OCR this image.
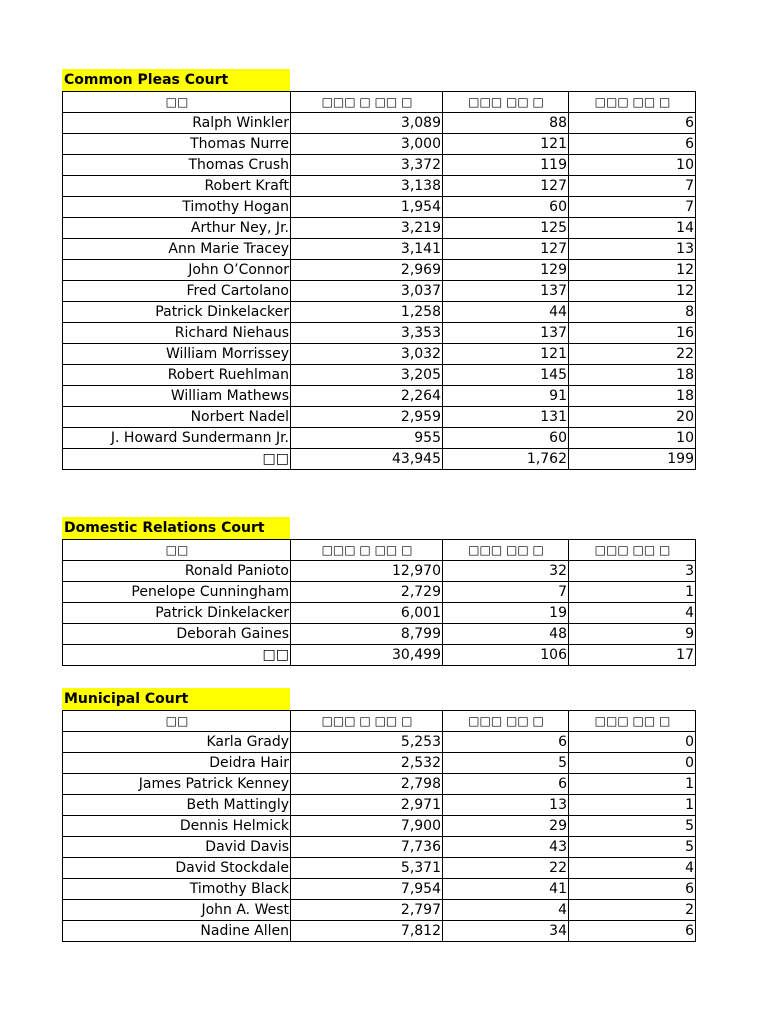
Common Pleas Court
□□	□□□ □ □□ □	□□□ □□ □	□□□ □□ □
Ralph Winkler	3,089	88	6
Thomas Nurre	3,000	121	6
Thomas Crush	3,372	119	10
Robert Kraft	3,138	127	7
Timothy Hogan	1,954	60	7
Arthur Ney, Jr.	3,219	125	14
Ann Marie Tracey	3,141	127	13
John O’Connor	2,969	129	12
Fred Cartolano	3,037	137	12
Patrick Dinkelacker	1,258	44	8
Richard Niehaus	3,353	137	16
William Morrissey	3,032	121	22
Robert Ruehlman	3,205	145	18
William Mathews	2,264	91	18
Norbert Nadel	2,959	131	20
J. Howard Sundermann Jr.	955	60	10
□□	43,945	1,762	199
Domestic Relations Court
□□	□□□ □ □□ □	□□□ □□ □	□□□ □□ □
Ronald Panioto	12,970	32	3
Penelope Cunningham	2,729	7	1
Patrick Dinkelacker	6,001	19	4
Deborah Gaines	8,799	48	9
□□	30,499	106	17
Municipal Court
□□	□□□ □ □□ □	□□□ □□ □	□□□ □□ □
Karla Grady	5,253	6	0
Deidra Hair	2,532	5	0
James Patrick Kenney	2,798	6	1
Beth Mattingly	2,971	13	1
Dennis Helmick	7,900	29	5
David Davis	7,736	43	5
David Stockdale	5,371	22	4
Timothy Black	7,954	41	6
John A. West	2,797	4	2
Nadine Allen	7,812	34	6
